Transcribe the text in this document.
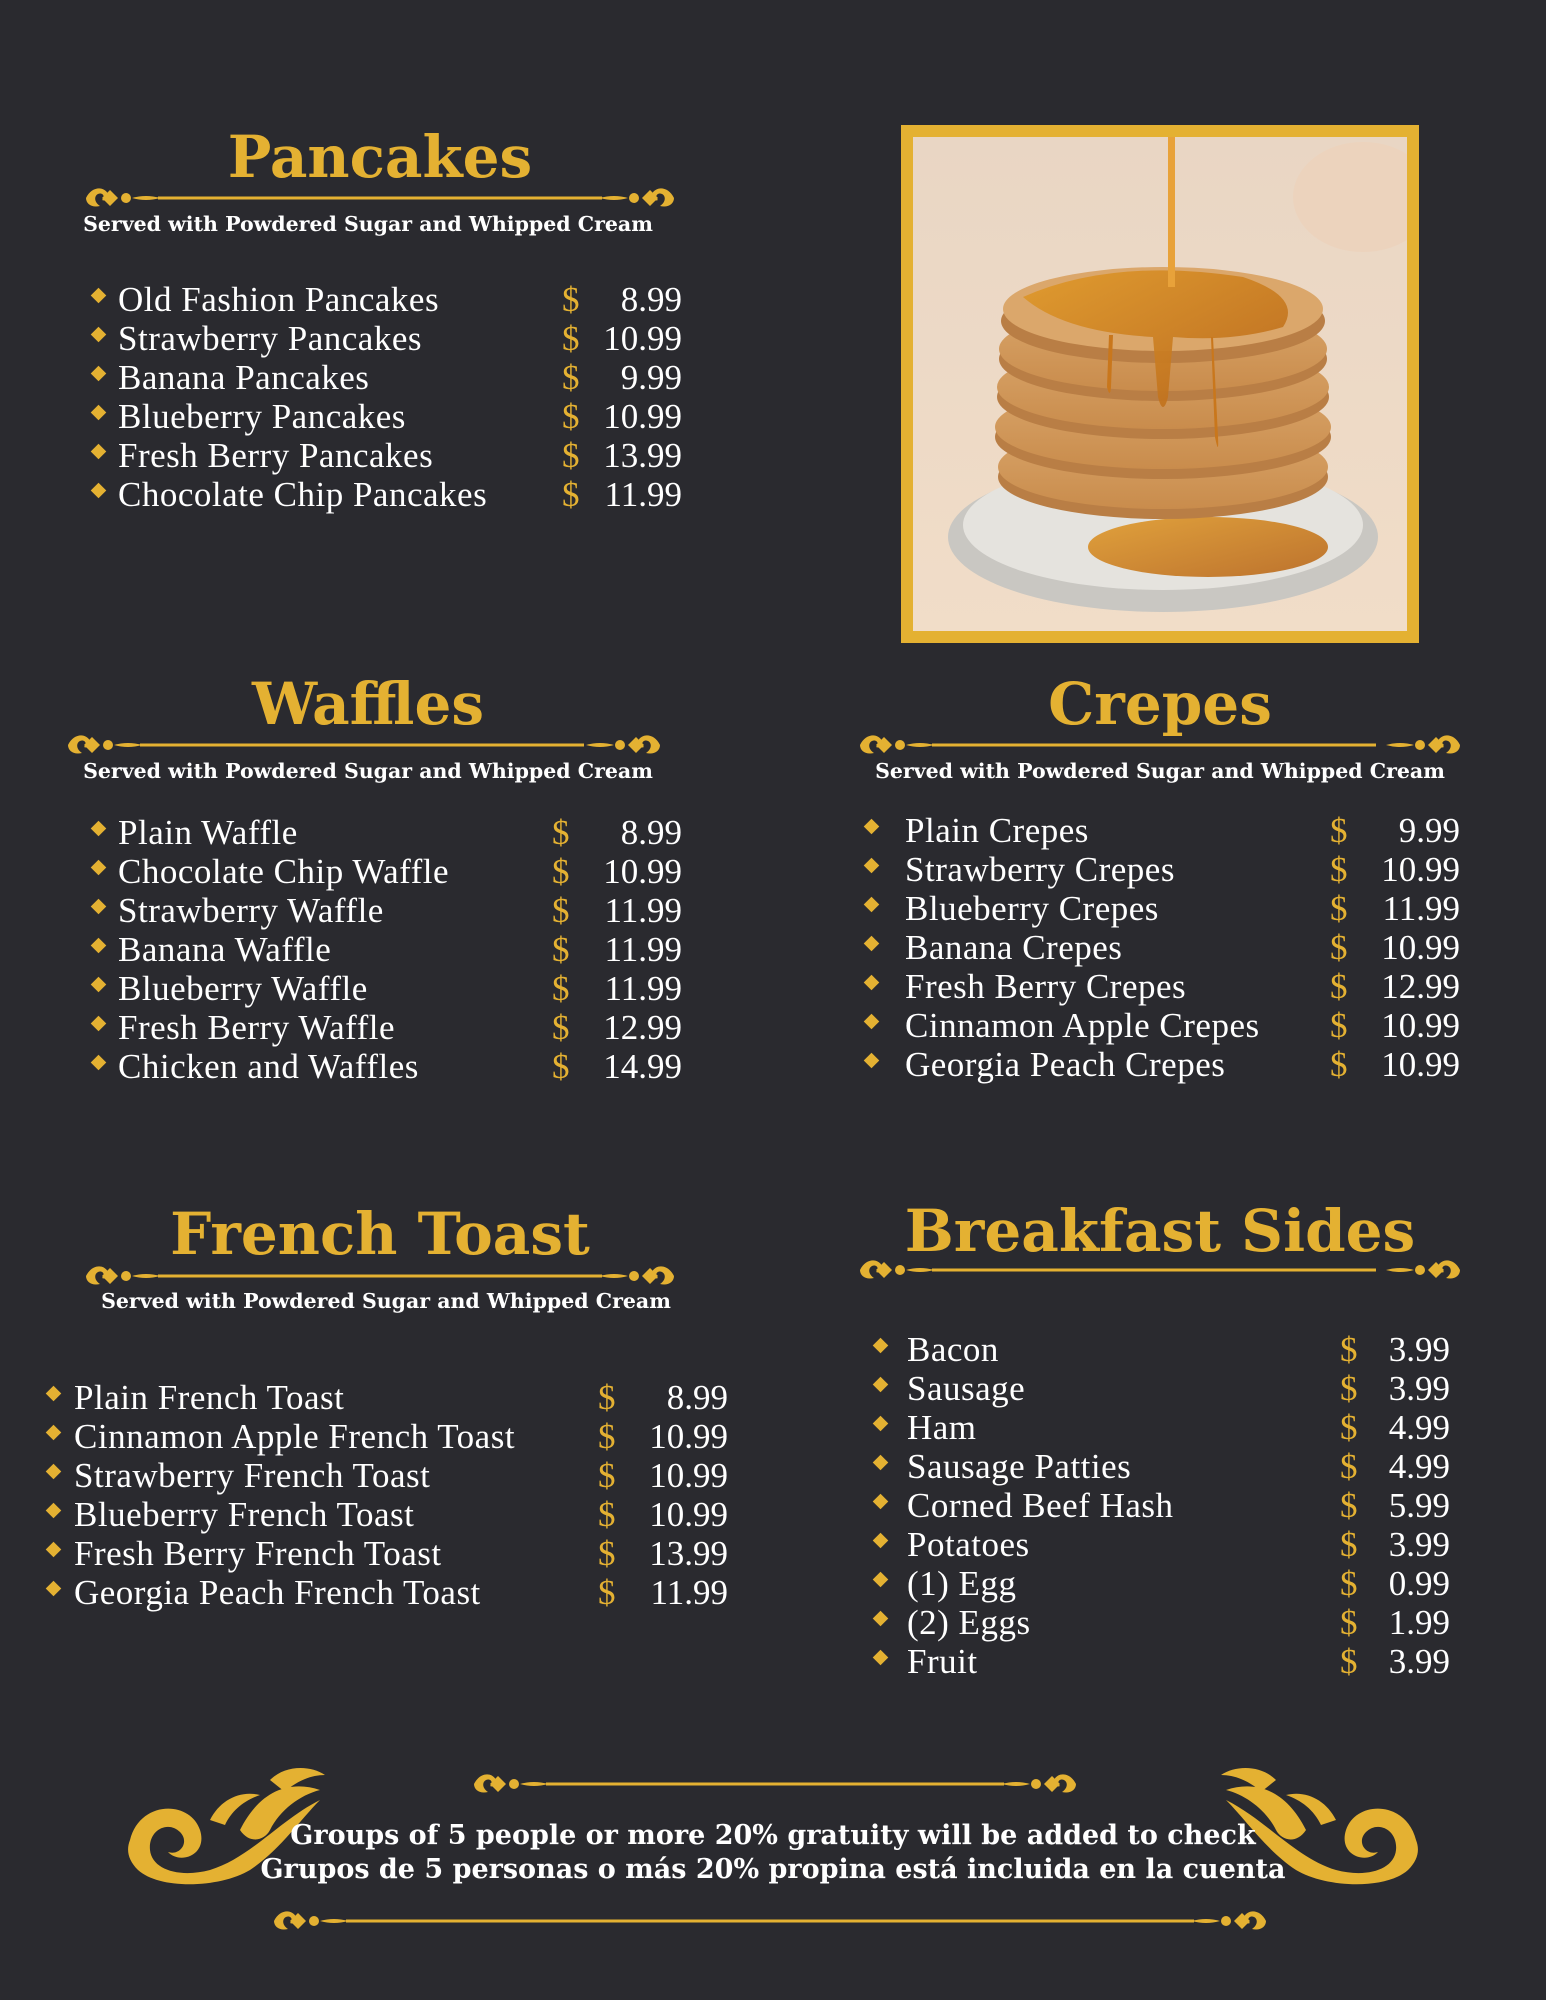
Pancakes
Served with Powdered Sugar and Whipped Cream
Old Fashion Pancakes	$	8.99
Strawberry Pancakes	$ 10.99
Banana Pancakes	$	9.99
Blueberry Pancakes	$ 10.99
Fresh Berry Pancakes	$ 13.99
Chocolate Chip Pancakes $ 11.99
Waffles
Served with Powdered Sugar and Whipped Cream
Plain Waffle	$	8.99
Chocolate Chip Waffle	$ 10.99
Strawberry Waffle	$	11.99
Banana Waffle	$	11.99
Blueberry Waffle	$	11.99
Fresh Berry Waffle	$ 12.99
Chicken and Waffles	$ 14.99
Crepes
Served with Powdered Sugar and Whipped Cream
Plain Crepes	$	9.99
Strawberry Crepes	$ 10.99
Blueberry Crepes	$	11.99
Banana Crepes	$ 10.99
Fresh Berry Crepes	$ 12.99
Cinnamon Apple Crepes $ 10.99
Georgia Peach Crepes	$ 10.99
French Toast
Served with Powdered Sugar and Whipped Cream
Plain French Toast	$	8.99
Cinnamon Apple French Toast $ 10.99
Strawberry French Toast	$ 10.99
Blueberry French Toast	$ 10.99
Fresh Berry French Toast	$ 13.99
Georgia Peach French Toast	$	11.99
Breakfast Sides
Bacon	$ 3.99
Sausage	$ 3.99
Ham	$ 4.99
Sausage Patties	$ 4.99
Corned Beef Hash	$ 5.99
Potatoes	$ 3.99
(1) Egg	$ 0.99
(2) Eggs	$ 1.99
Fruit	$ 3.99
Groups of 5 people or more 20% gratuity will be added to check
Grupos de 5 personas o más 20% propina está incluida en la cuenta
